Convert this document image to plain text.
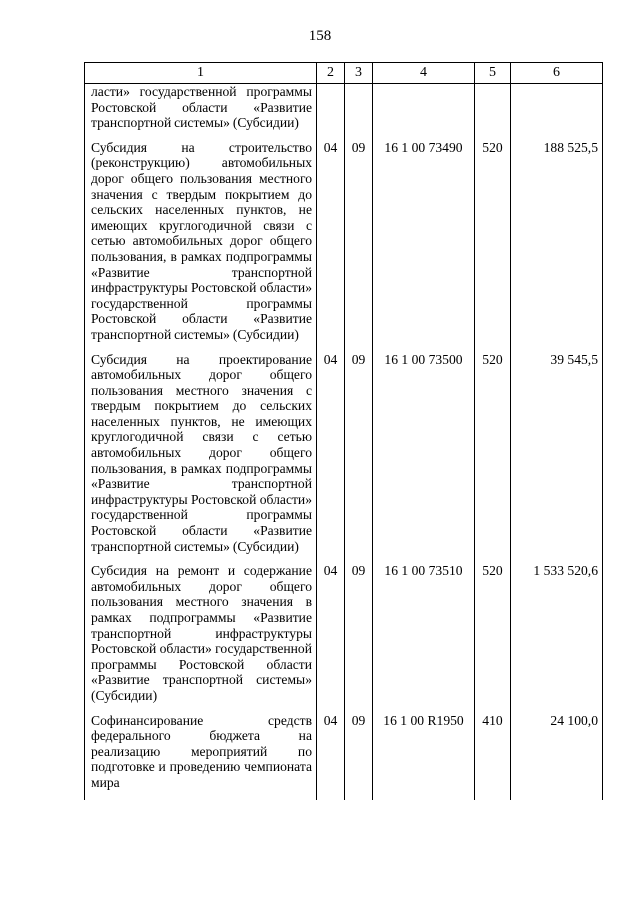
158
1	2	3	4	5	6
ласти» государственной программы Ростовской области «Развитие транспортной системы» (Субсидии)					
Субсидия на строительство (реконструкцию) автомобильных дорог общего пользования местного значения с твердым покрытием до сельских населенных пунктов, не имеющих круглогодичной связи с сетью автомобильных дорог общего пользования, в рамках подпрограммы «Развитие транспортной инфраструктуры Ростовской области» государственной программы Ростовской области «Развитие транспортной системы» (Субсидии)	04	09	16 1 00 73490	520	188 525,5
Субсидия на проектирование автомобильных дорог общего пользования местного значения с твердым покрытием до сельских населенных пунктов, не имеющих круглогодичной связи с сетью автомобильных дорог общего пользования, в рамках подпрограммы «Развитие транспортной инфраструктуры Ростовской области» государственной программы Ростовской области «Развитие транспортной системы» (Субсидии)	04	09	16 1 00 73500	520	39 545,5
Субсидия на ремонт и содержание автомобильных дорог общего пользования местного значения в рамках подпрограммы «Развитие транспортной инфраструктуры Ростовской области» государственной программы Ростовской области «Развитие транспортной системы» (Субсидии)	04	09	16 1 00 73510	520	1 533 520,6
Софинансирование средств федерального бюджета на реализацию мероприятий по подготовке и проведению чемпионата мира	04	09	16 1 00 R1950	410	24 100,0
